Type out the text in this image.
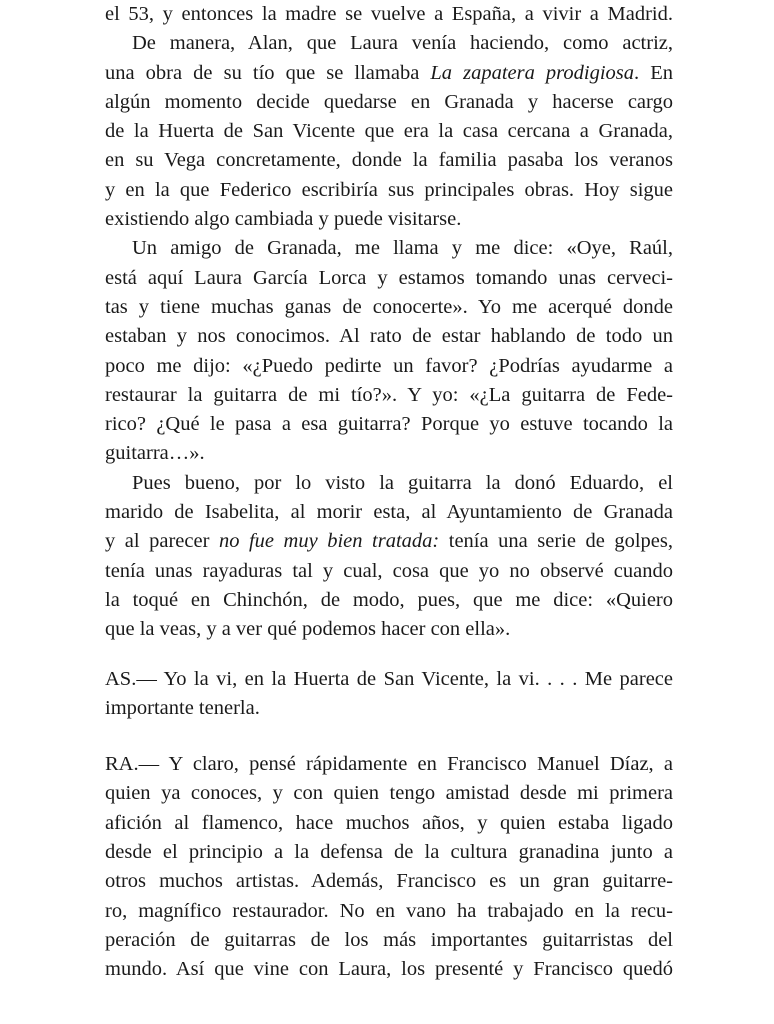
el 53, y entonces la madre se vuelve a España, a vivir a Madrid.
De manera, Alan, que Laura venía haciendo, como actriz,
una obra de su tío que se llamaba La zapatera prodigiosa. En
algún momento decide quedarse en Granada y hacerse cargo
de la Huerta de San Vicente que era la casa cercana a Granada,
en su Vega concretamente, donde la familia pasaba los veranos
y en la que Federico escribiría sus principales obras. Hoy sigue
existiendo algo cambiada y puede visitarse.
Un amigo de Granada, me llama y me dice: «Oye, Raúl,
está aquí Laura García Lorca y estamos tomando unas cerveci-
tas y tiene muchas ganas de conocerte». Yo me acerqué donde
estaban y nos conocimos. Al rato de estar hablando de todo un
poco me dijo: «¿Puedo pedirte un favor? ¿Podrías ayudarme a
restaurar la guitarra de mi tío?». Y yo: «¿La guitarra de Fede-
rico? ¿Qué le pasa a esa guitarra? Porque yo estuve tocando la
guitarra…».
Pues bueno, por lo visto la guitarra la donó Eduardo, el
marido de Isabelita, al morir esta, al Ayuntamiento de Granada
y al parecer no fue muy bien tratada: tenía una serie de golpes,
tenía unas rayaduras tal y cual, cosa que yo no observé cuando
la toqué en Chinchón, de modo, pues, que me dice: «Quiero
que la veas, y a ver qué podemos hacer con ella».
AS.— Yo la vi, en la Huerta de San Vicente, la vi. . . . Me parece
importante tenerla.
RA.— Y claro, pensé rápidamente en Francisco Manuel Díaz, a
quien ya conoces, y con quien tengo amistad desde mi primera
afición al flamenco, hace muchos años, y quien estaba ligado
desde el principio a la defensa de la cultura granadina junto a
otros muchos artistas. Además, Francisco es un gran guitarre-
ro, magnífico restaurador. No en vano ha trabajado en la recu-
peración de guitarras de los más importantes guitarristas del
mundo. Así que vine con Laura, los presenté y Francisco quedó
